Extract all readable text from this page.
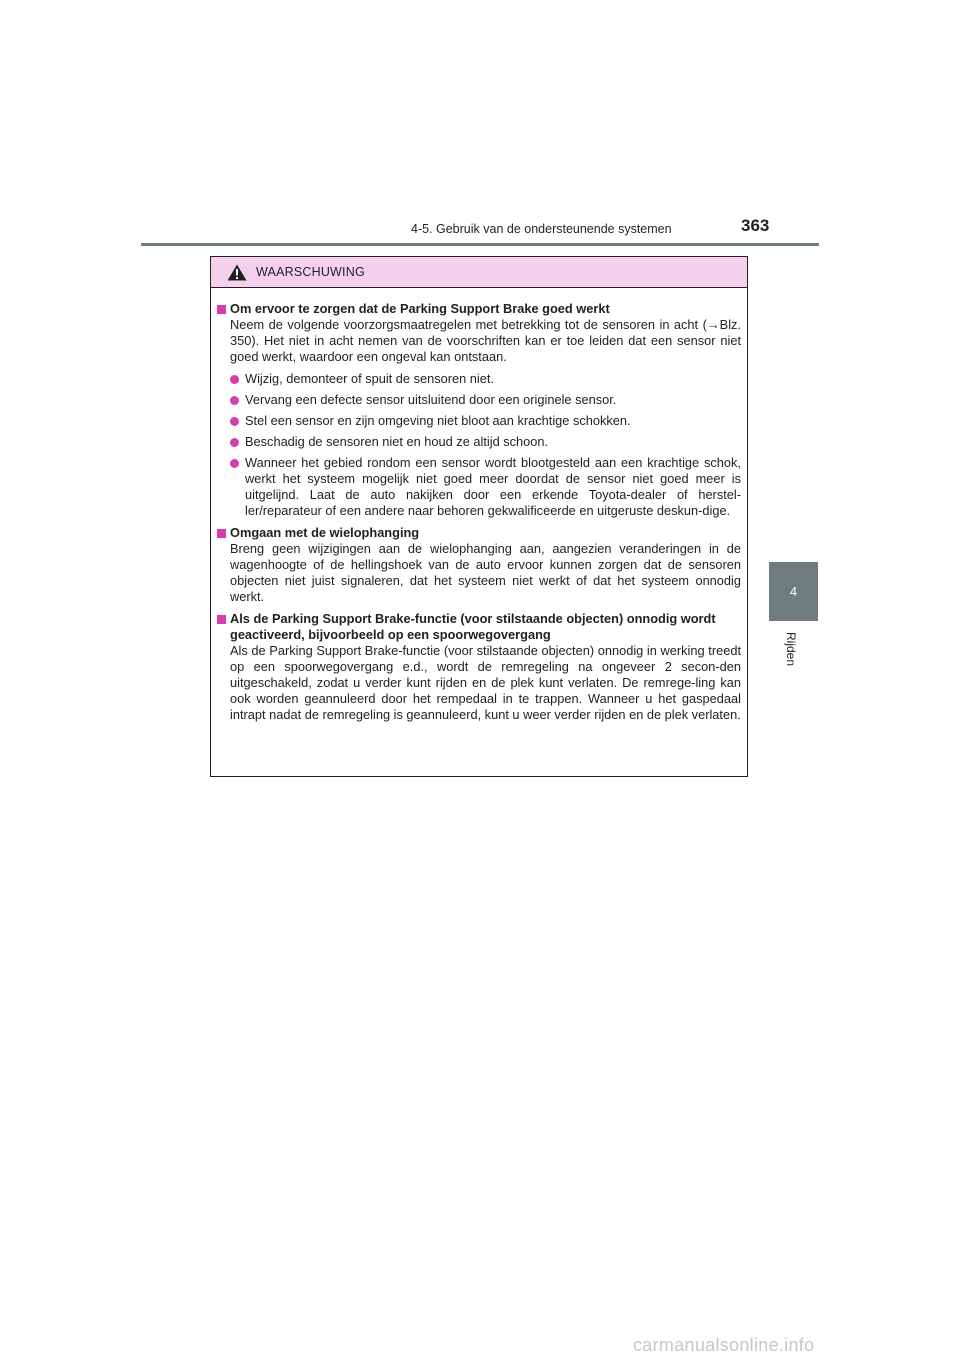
4-5. Gebruik van de ondersteunende systemen	363
4
Rijden
WAARSCHUWING
Om ervoor te zorgen dat de Parking Support Brake goed werkt
Neem de volgende voorzorgsmaatregelen met betrekking tot de sensoren in acht (→Blz. 350). Het niet in acht nemen van de voorschriften kan er toe leiden dat een sensor niet goed werkt, waardoor een ongeval kan ontstaan.
Wijzig, demonteer of spuit de sensoren niet.
Vervang een defecte sensor uitsluitend door een originele sensor.
Stel een sensor en zijn omgeving niet bloot aan krachtige schokken.
Beschadig de sensoren niet en houd ze altijd schoon.
Wanneer het gebied rondom een sensor wordt blootgesteld aan een krachtige schok, werkt het systeem mogelijk niet goed meer doordat de sensor niet goed meer is uitgelijnd. Laat de auto nakijken door een erkende Toyota-dealer of herstel-ler/reparateur of een andere naar behoren gekwalificeerde en uitgeruste deskun-dige.
Omgaan met de wielophanging
Breng geen wijzigingen aan de wielophanging aan, aangezien veranderingen in de wagenhoogte of de hellingshoek van de auto ervoor kunnen zorgen dat de sensoren objecten niet juist signaleren, dat het systeem niet werkt of dat het systeem onnodig werkt.
Als de Parking Support Brake-functie (voor stilstaande objecten) onnodig wordt geactiveerd, bijvoorbeeld op een spoorwegovergang
Als de Parking Support Brake-functie (voor stilstaande objecten) onnodig in werking treedt op een spoorwegovergang e.d., wordt de remregeling na ongeveer 2 secon-den uitgeschakeld, zodat u verder kunt rijden en de plek kunt verlaten. De remrege-ling kan ook worden geannuleerd door het rempedaal in te trappen. Wanneer u het gaspedaal intrapt nadat de remregeling is geannuleerd, kunt u weer verder rijden en de plek verlaten.
carmanualsonline.info
